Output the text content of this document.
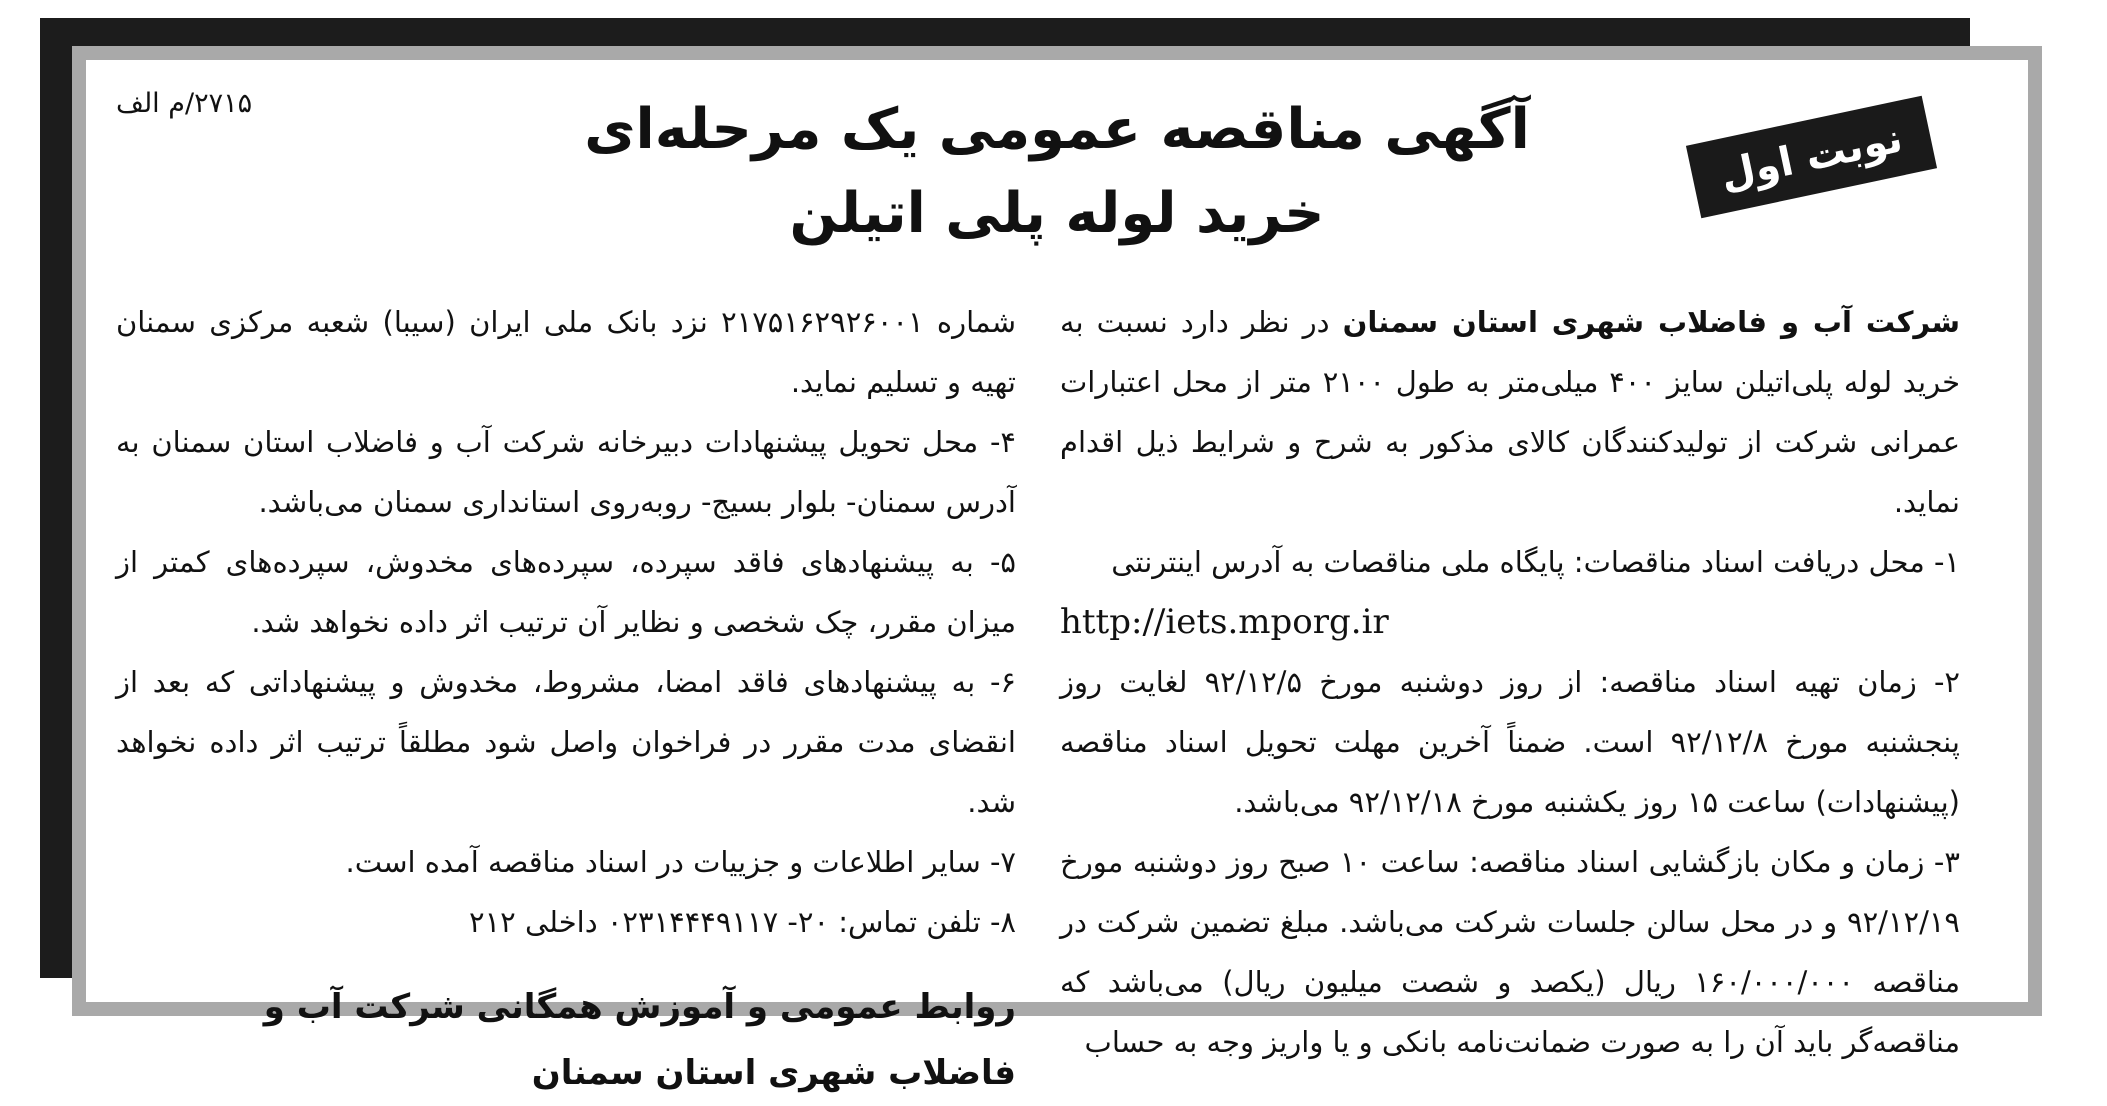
۲۷۱۵/م الف
نوبت اول
آگهی مناقصه عمومی یک مرحله‌ای
خرید لوله پلی اتیلن

شرکت آب و فاضلاب شهری استان سمنان در نظر دارد نسبت به خرید لوله پلی‌اتیلن سایز ۴۰۰ میلی‌متر به طول ۲۱۰۰ متر از محل اعتبارات عمرانی شرکت از تولیدکنندگان کالای مذکور به شرح و شرایط ذیل اقدام نماید.

۱- محل دریافت اسناد مناقصات: پایگاه ملی مناقصات به آدرس اینترنتی

http://iets.mporg.ir

۲- زمان تهیه اسناد مناقصه: از روز دوشنبه مورخ ۹۲/۱۲/۵ لغایت روز پنجشنبه مورخ ۹۲/۱۲/۸ است. ضمناً آخرین مهلت تحویل اسناد مناقصه (پیشنهادات) ساعت ۱۵ روز یکشنبه مورخ ۹۲/۱۲/۱۸ می‌باشد.

۳- زمان و مکان بازگشایی اسناد مناقصه: ساعت ۱۰ صبح روز دوشنبه مورخ ۹۲/۱۲/۱۹ و در محل سالن جلسات شرکت می‌باشد. مبلغ تضمین شرکت در مناقصه ۱۶۰/۰۰۰/۰۰۰ ریال (یکصد و شصت میلیون ریال) می‌باشد که مناقصه‌گر باید آن را به صورت ضمانت‌نامه بانکی و یا واریز وجه به حساب

شماره ۲۱۷۵۱۶۲۹۲۶۰۰۱ نزد بانک ملی ایران (سیبا) شعبه مرکزی سمنان تهیه و تسلیم نماید.

۴- محل تحویل پیشنهادات دبیرخانه شرکت آب و فاضلاب استان سمنان به آدرس سمنان- بلوار بسیج- روبه‌روی استانداری سمنان می‌باشد.

۵- به پیشنهادهای فاقد سپرده، سپرده‌های مخدوش، سپرده‌های کمتر از میزان مقرر، چک شخصی و نظایر آن ترتیب اثر داده نخواهد شد.

۶- به پیشنهادهای فاقد امضا، مشروط، مخدوش و پیشنهاداتی که بعد از انقضای مدت مقرر در فراخوان واصل شود مطلقاً ترتیب اثر داده نخواهد شد.

۷- سایر اطلاعات و جزییات در اسناد مناقصه آمده است.

۸- تلفن تماس: ۲۰- ۰۲۳۱۴۴۴۹۱۱۷ داخلی ۲۱۲

روابط عمومی و آموزش همگانی شرکت آب و
فاضلاب شهری استان سمنان
